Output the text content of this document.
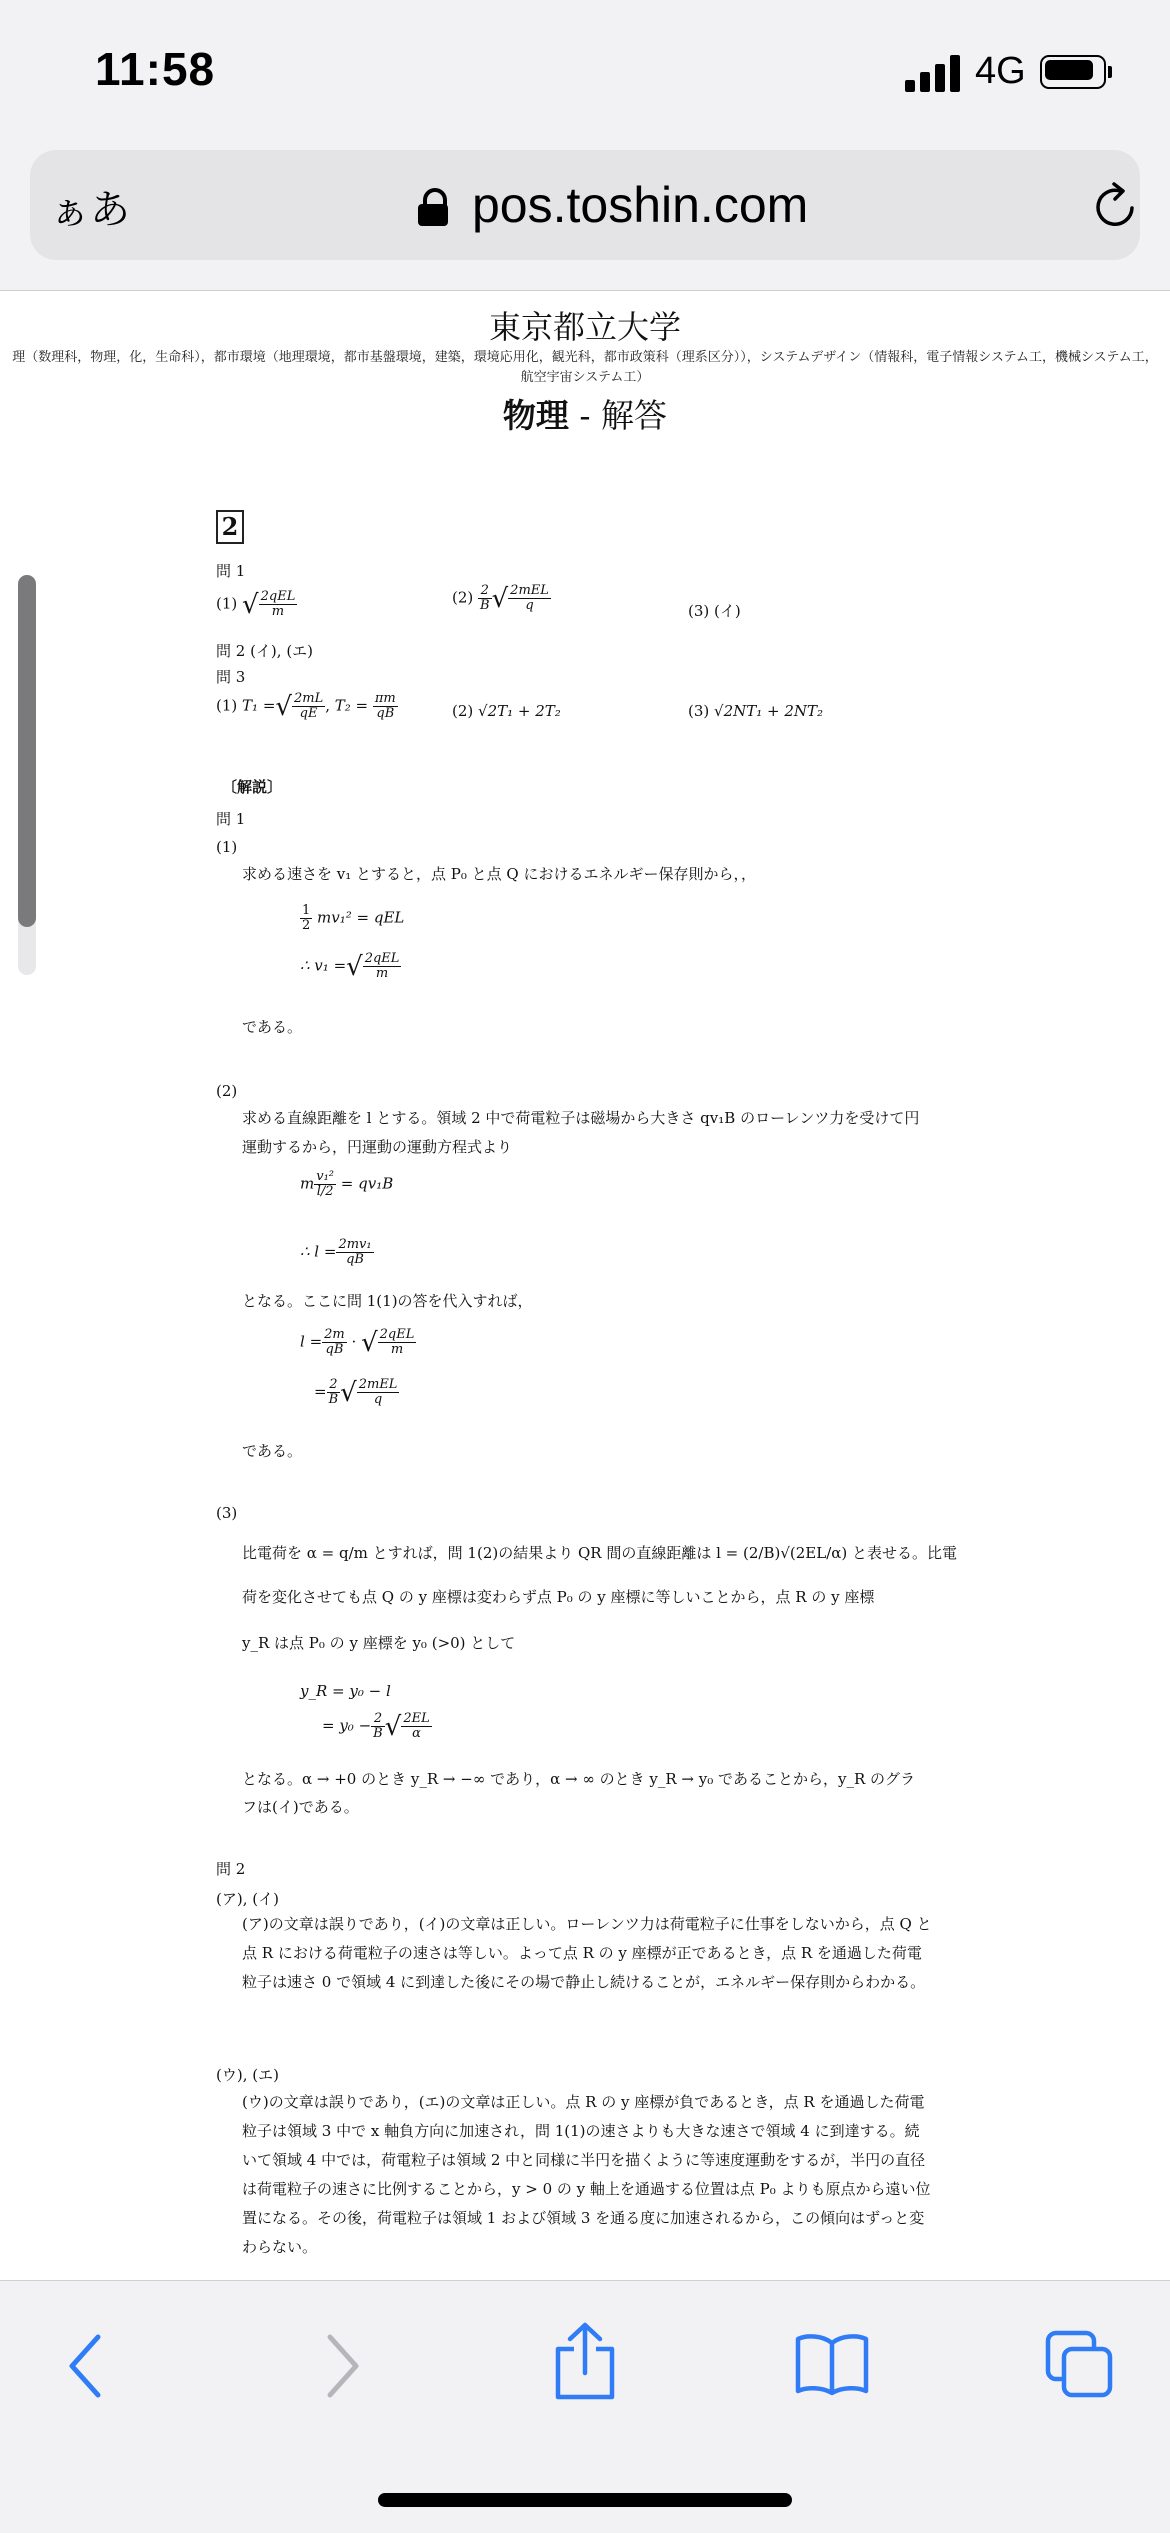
11:58	4G
ぁあ	pos.toshin.com
東京都立大学
理（数理科，物理，化，生命科），都市環境（地理環境，都市基盤環境，建築，環境応用化，観光科，都市政策科（理系区分）），システムデザイン（情報科，電子情報システム工，機械システム工，航空宇宙システム工）
物理 - 解答
2
問 1
(1) √ $\frac{\text{2qEL}}{m}$	$(2) \frac{2}{B}$ √ $\frac{\text{2mEL}}{q}$	(3) (イ)
問 2 (イ), (エ)
問 3
(1) T₁ =√ $\frac{2mL}{qE}$ , $T_2 = \frac{\pi m}{qB}$	(2) √2T₁ + 2T₂	(3) √2NT₁ + 2NT₂
〔解説〕
問 1
(1)
求める速さを v₁ とすると，点 P₀ と点 Q におけるエネルギー保存則から，，
$\frac{1}{2} mv_1^2$ = qEL
∴ v₁ =√ $\frac{\text{2qEL}}{m}$
である。
(2)
求める直線距離を l とする。領域 2 中で荷電粒子は磁場から大きさ qv₁B のローレンツ力を受けて円運動するから，円運動の運動方程式より
m $\frac{\text{v₁²}}{l/2} = qv_1B$
∴ $l = \frac{\text{2mv₁}}{qB}$
となる。ここに問 1(1)の答を代入すれば，
$l = \frac{2m}{qB}$ · √ $\frac{\text{2qEL}}{m}$
= $\frac{2}{B}$ √ $\frac{\text{2mEL}}{q}$
である。
(3)
比電荷を α = q/m とすれば，問 1(2)の結果より QR 間の直線距離は l = (2/B)√(2EL/α) と表せる。比電
荷を変化させても点 Q の y 座標は変わらず点 P₀ の y 座標に等しいことから，点 R の y 座標
y_R は点 P₀ の y 座標を y₀ (>0) として
y_R = y₀ − l
= $y_0 - \frac{2}{B}$ √ $\frac{2EL}{\alpha}$
となる。α → +0 のとき y_R → −∞ であり，α → ∞ のとき y_R → y₀ であることから，y_R のグラ
フは(イ)である。
問 2
(ア), (イ)
(ア)の文章は誤りであり，(イ)の文章は正しい。ローレンツ力は荷電粒子に仕事をしないから，点 Q と点 R における荷電粒子の速さは等しい。よって点 R の y 座標が正であるとき，点 R を通過した荷電粒子は速さ 0 で領域 4 に到達した後にその場で静止し続けることが，エネルギー保存則からわかる。
(ウ), (エ)
(ウ)の文章は誤りであり，(エ)の文章は正しい。点 R の y 座標が負であるとき，点 R を通過した荷電粒子は領域 3 中で x 軸負方向に加速され，問 1(1)の速さよりも大きな速さで領域 4 に到達する。続いて領域 4 中では，荷電粒子は領域 2 中と同様に半円を描くように等速度運動をするが，半円の直径は荷電粒子の速さに比例することから，y > 0 の y 軸上を通過する位置は点 P₀ よりも原点から遠い位置になる。その後，荷電粒子は領域 1 および領域 3 を通る度に加速されるから，この傾向はずっと変わらない。
